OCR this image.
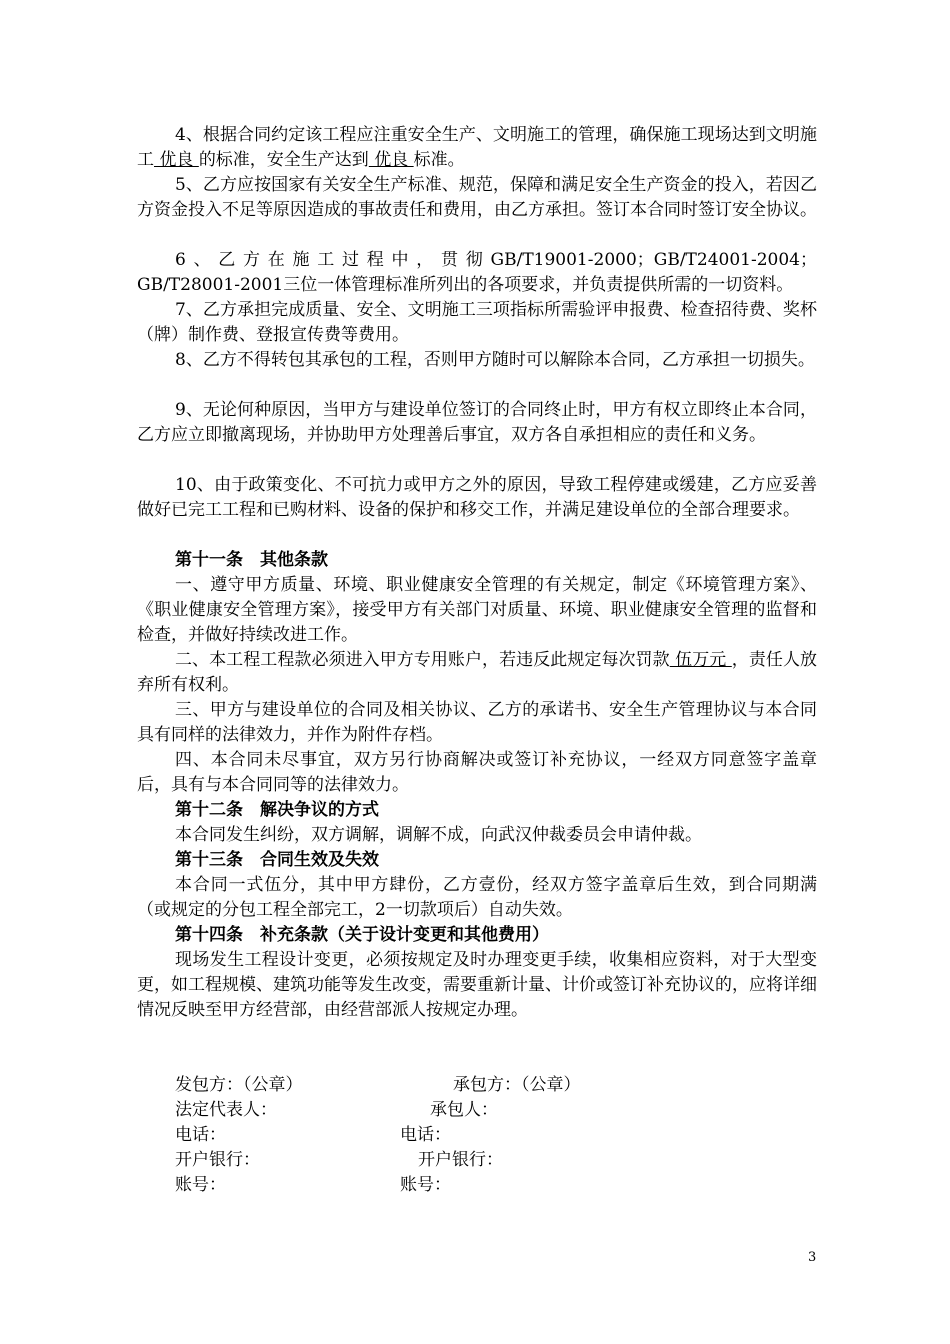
4、根据合同约定该工程应注重安全生产、文明施工的管理，确保施工现场达到文明施工 优良 的标准，安全生产达到 优良 标准。

5、乙方应按国家有关安全生产标准、规范，保障和满足安全生产资金的投入，若因乙方资金投入不足等原因造成的事故责任和费用，由乙方承担。签订本合同时签订安全协议。

6、乙方在施工过程中，贯彻GB/T19001-2000；GB/T24001-2004；GB/T28001-2001三位一体管理标准所列出的各项要求，并负责提供所需的一切资料。

7、乙方承担完成质量、安全、文明施工三项指标所需验评申报费、检查招待费、奖杯（牌）制作费、登报宣传费等费用。

8、乙方不得转包其承包的工程，否则甲方随时可以解除本合同，乙方承担一切损失。

9、无论何种原因，当甲方与建设单位签订的合同终止时，甲方有权立即终止本合同，乙方应立即撤离现场，并协助甲方处理善后事宜，双方各自承担相应的责任和义务。

10、由于政策变化、不可抗力或甲方之外的原因，导致工程停建或缓建，乙方应妥善做好已完工工程和已购材料、设备的保护和移交工作，并满足建设单位的全部合理要求。

第十一条　其他条款

一、遵守甲方质量、环境、职业健康安全管理的有关规定，制定《环境管理方案》、《职业健康安全管理方案》，接受甲方有关部门对质量、环境、职业健康安全管理的监督和检查，并做好持续改进工作。

二、本工程工程款必须进入甲方专用账户，若违反此规定每次罚款 伍万元 ，责任人放弃所有权利。

三、甲方与建设单位的合同及相关协议、乙方的承诺书、安全生产管理协议与本合同具有同样的法律效力，并作为附件存档。

四、本合同未尽事宜，双方另行协商解决或签订补充协议，一经双方同意签字盖章后，具有与本合同同等的法律效力。

第十二条　解决争议的方式

本合同发生纠纷，双方调解，调解不成，向武汉仲裁委员会申请仲裁。

第十三条　合同生效及失效

本合同一式伍分，其中甲方肆份，乙方壹份，经双方签字盖章后生效，到合同期满（或规定的分包工程全部完工，2一切款项后）自动失效。

第十四条　补充条款（关于设计变更和其他费用）

现场发生工程设计变更，必须按规定及时办理变更手续，收集相应资料，对于大型变更，如工程规模、建筑功能等发生改变，需要重新计量、计价或签订补充协议的，应将详细情况反映至甲方经营部，由经营部派人按规定办理。

发包方：（公章）	承包方：（公章）
法定代表人：	承包人：
电话：	电话：
开户银行：	开户银行：
账号：	账号：
3
